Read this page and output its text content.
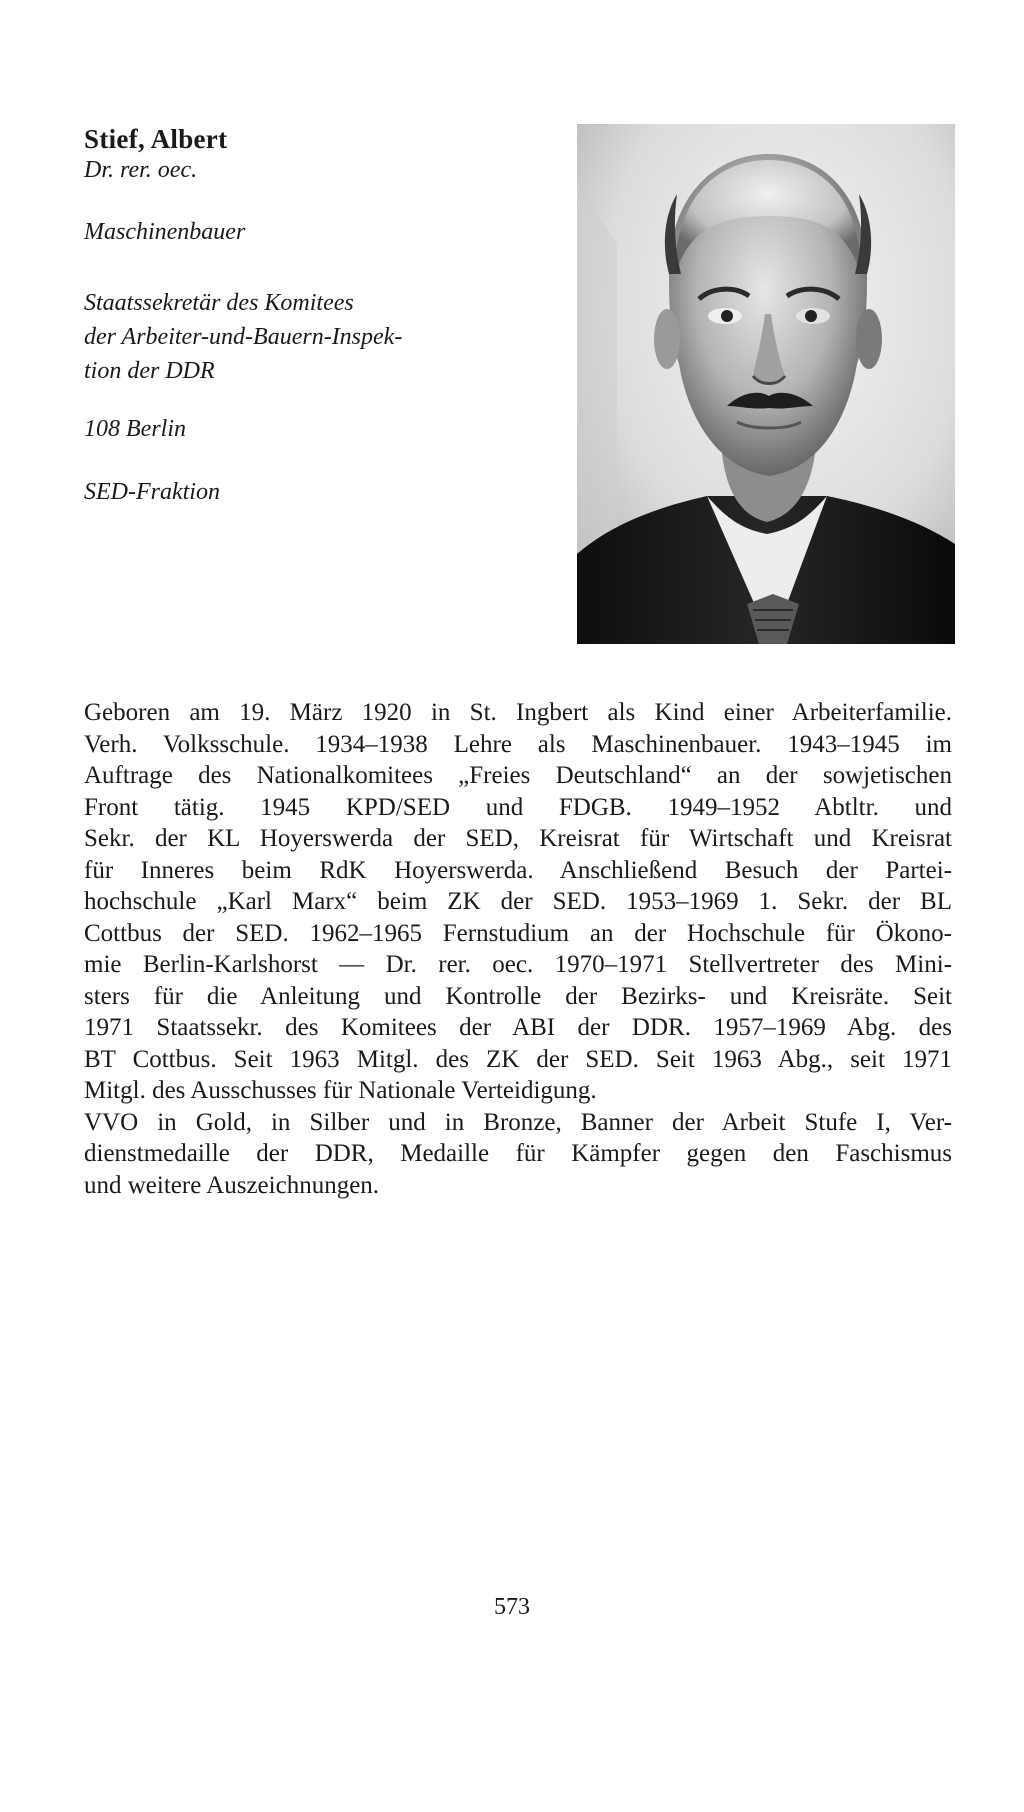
Stief, Albert

Dr. rer. oec.

Maschinenbauer

Staatssekretär des Komitees
der Arbeiter-und-Bauern-Inspek-
tion der DDR

108 Berlin

SED-Fraktion

Geboren am 19. März 1920 in St. Ingbert als Kind einer Arbeiterfamilie.
Verh. Volksschule. 1934–1938 Lehre als Maschinenbauer. 1943–1945 im
Auftrage des Nationalkomitees „Freies Deutschland“ an der sowjetischen
Front tätig. 1945 KPD/SED und FDGB. 1949–1952 Abtltr. und
Sekr. der KL Hoyerswerda der SED, Kreisrat für Wirtschaft und Kreisrat
für Inneres beim RdK Hoyerswerda. Anschließend Besuch der Partei-
hochschule „Karl Marx“ beim ZK der SED. 1953–1969 1. Sekr. der BL
Cottbus der SED. 1962–1965 Fernstudium an der Hochschule für Ökono-
mie Berlin-Karlshorst — Dr. rer. oec. 1970–1971 Stellvertreter des Mini-
sters für die Anleitung und Kontrolle der Bezirks- und Kreisräte. Seit
1971 Staatssekr. des Komitees der ABI der DDR. 1957–1969 Abg. des
BT Cottbus. Seit 1963 Mitgl. des ZK der SED. Seit 1963 Abg., seit 1971
Mitgl. des Ausschusses für Nationale Verteidigung.
VVO in Gold, in Silber und in Bronze, Banner der Arbeit Stufe I, Ver-
dienstmedaille der DDR, Medaille für Kämpfer gegen den Faschismus
und weitere Auszeichnungen.

573
